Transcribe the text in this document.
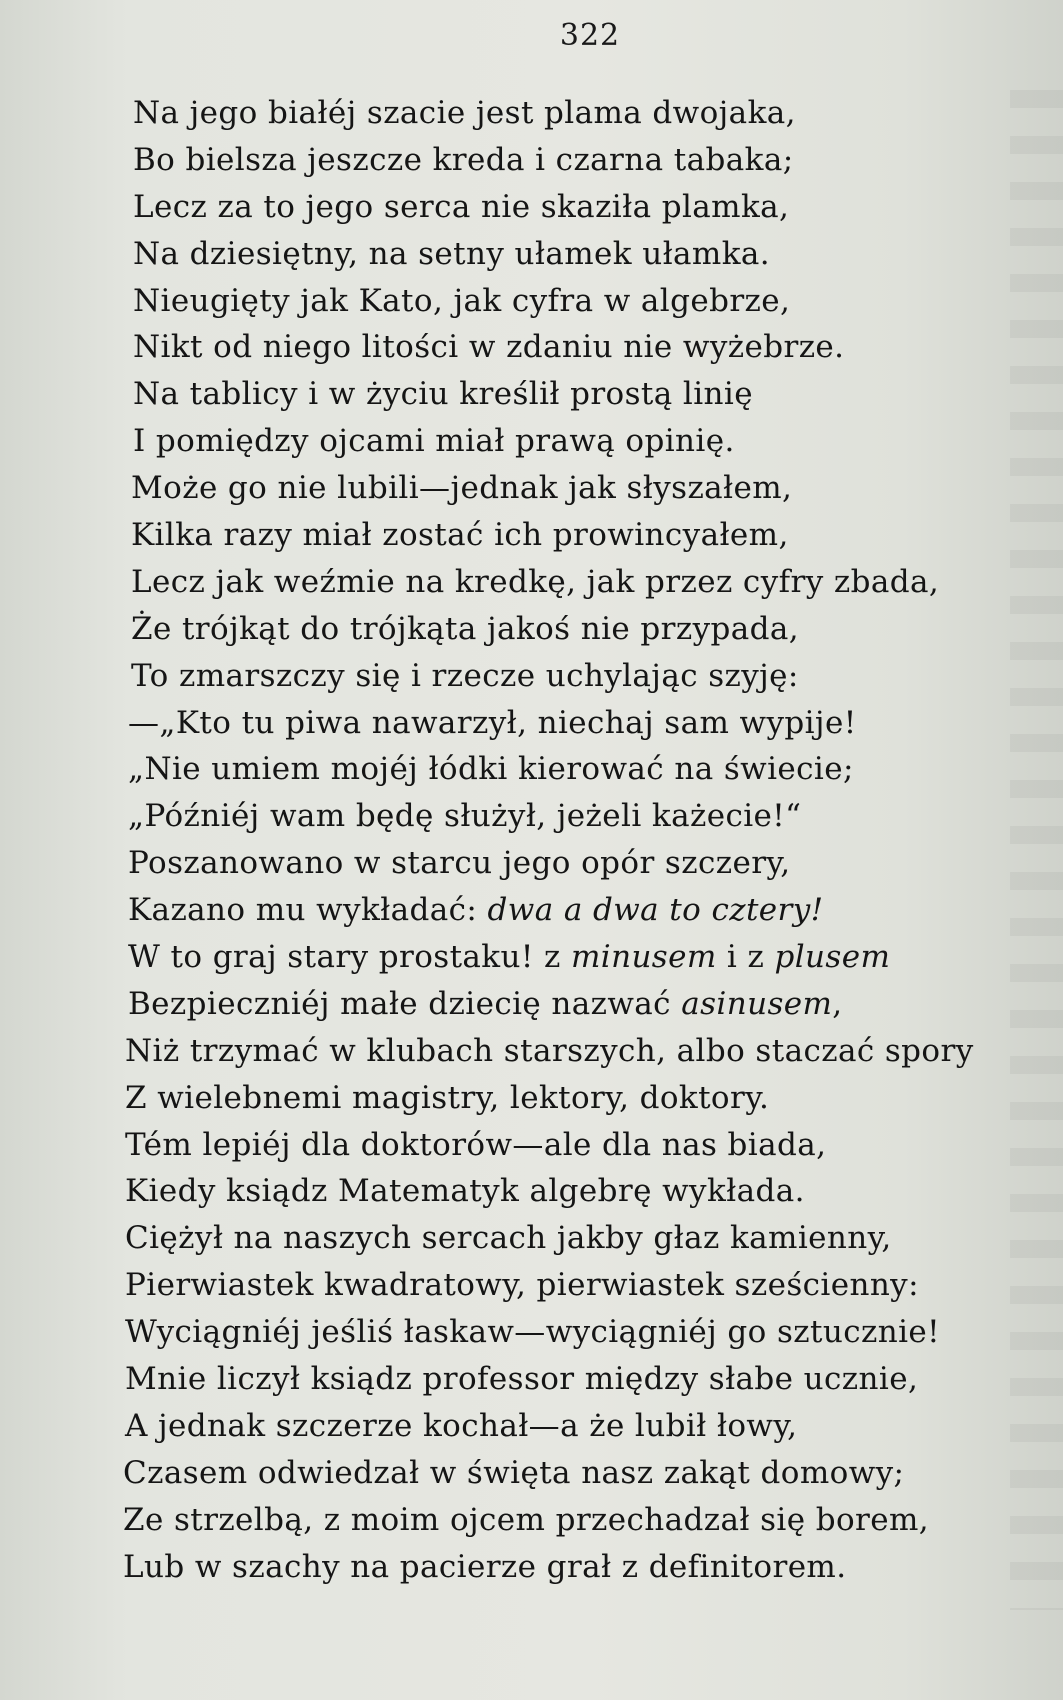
322
Na jego białéj szacie jest plama dwojaka,
Bo bielsza jeszcze kreda i czarna tabaka;
Lecz za to jego serca nie skaziła plamka,
Na dziesiętny, na setny ułamek ułamka.
Nieugięty jak Kato, jak cyfra w algebrze,
Nikt od niego litości w zdaniu nie wyżebrze.
Na tablicy i w życiu kreślił prostą linię
I pomiędzy ojcami miał prawą opinię.
Może go nie lubili—jednak jak słyszałem,
Kilka razy miał zostać ich prowincyałem,
Lecz jak weźmie na kredkę, jak przez cyfry zbada,
Że trójkąt do trójkąta jakoś nie przypada,
To zmarszczy się i rzecze uchylając szyję:
—„Kto tu piwa nawarzył, niechaj sam wypije!
„Nie umiem mojéj łódki kierować na świecie;
„Późniéj wam będę służył, jeżeli każecie!“
Poszanowano w starcu jego opór szczery,
Kazano mu wykładać: dwa a dwa to cztery!
W to graj stary prostaku! z minusem i z plusem
Bezpieczniéj małe dziecię nazwać asinusem,
Niż trzymać w klubach starszych, albo staczać spory
Z wielebnemi magistry, lektory, doktory.
Tém lepiéj dla doktorów—ale dla nas biada,
Kiedy ksiądz Matematyk algebrę wykłada.
Ciężył na naszych sercach jakby głaz kamienny,
Pierwiastek kwadratowy, pierwiastek sześcienny:
Wyciągniéj jeśliś łaskaw—wyciągniéj go sztucznie!
Mnie liczył ksiądz professor między słabe ucznie,
A jednak szczerze kochał—a że lubił łowy,
Czasem odwiedzał w święta nasz zakąt domowy;
Ze strzelbą, z moim ojcem przechadzał się borem,
Lub w szachy na pacierze grał z definitorem.
